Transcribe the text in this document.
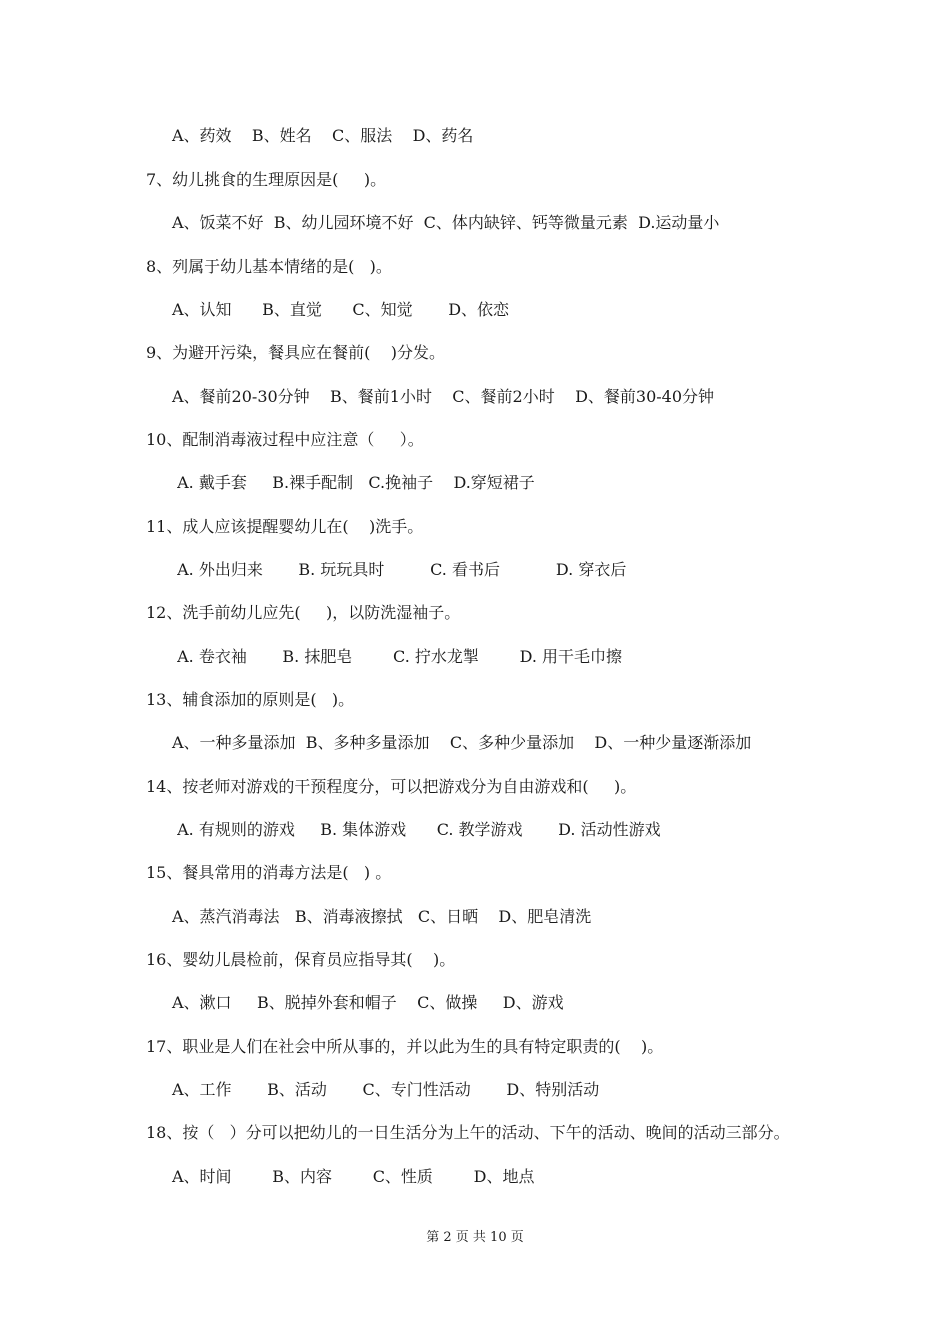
A、药效    B、姓名    C、服法    D、药名
7、幼儿挑食的生理原因是(     )。
A、饭菜不好  B、幼儿园环境不好  C、体内缺锌、钙等微量元素  D.运动量小
8、列属于幼儿基本情绪的是(   )。
A、认知      B、直觉      C、知觉       D、依恋
9、为避开污染，餐具应在餐前(    )分发。
A、餐前20-30分钟    B、餐前1小时    C、餐前2小时    D、餐前30-40分钟
10、配制消毒液过程中应注意（     ）。
A. 戴手套     B.裸手配制   C.挽袖子    D.穿短裙子
11、成人应该提醒婴幼儿在(    )洗手。
A. 外出归来       B. 玩玩具时         C. 看书后           D. 穿衣后
12、洗手前幼儿应先(     )，以防洗湿袖子。
A. 卷衣袖       B. 抹肥皂        C. 拧水龙掣        D. 用干毛巾擦
13、辅食添加的原则是(   )。
A、一种多量添加  B、多种多量添加    C、多种少量添加    D、一种少量逐渐添加
14、按老师对游戏的干预程度分，可以把游戏分为自由游戏和(     )。
A. 有规则的游戏     B. 集体游戏      C. 教学游戏       D. 活动性游戏
15、餐具常用的消毒方法是(   ) 。
A、蒸汽消毒法   B、消毒液擦拭   C、日晒    D、肥皂清洗
16、婴幼儿晨检前，保育员应指导其(    )。
A、漱口     B、脱掉外套和帽子    C、做操     D、游戏
17、职业是人们在社会中所从事的，并以此为生的具有特定职责的(    )。
A、工作       B、活动       C、专门性活动       D、特别活动
18、按（   ）分可以把幼儿的一日生活分为上午的活动、下午的活动、晚间的活动三部分。
A、时间        B、内容        C、性质        D、地点
第 2 页 共 10 页
